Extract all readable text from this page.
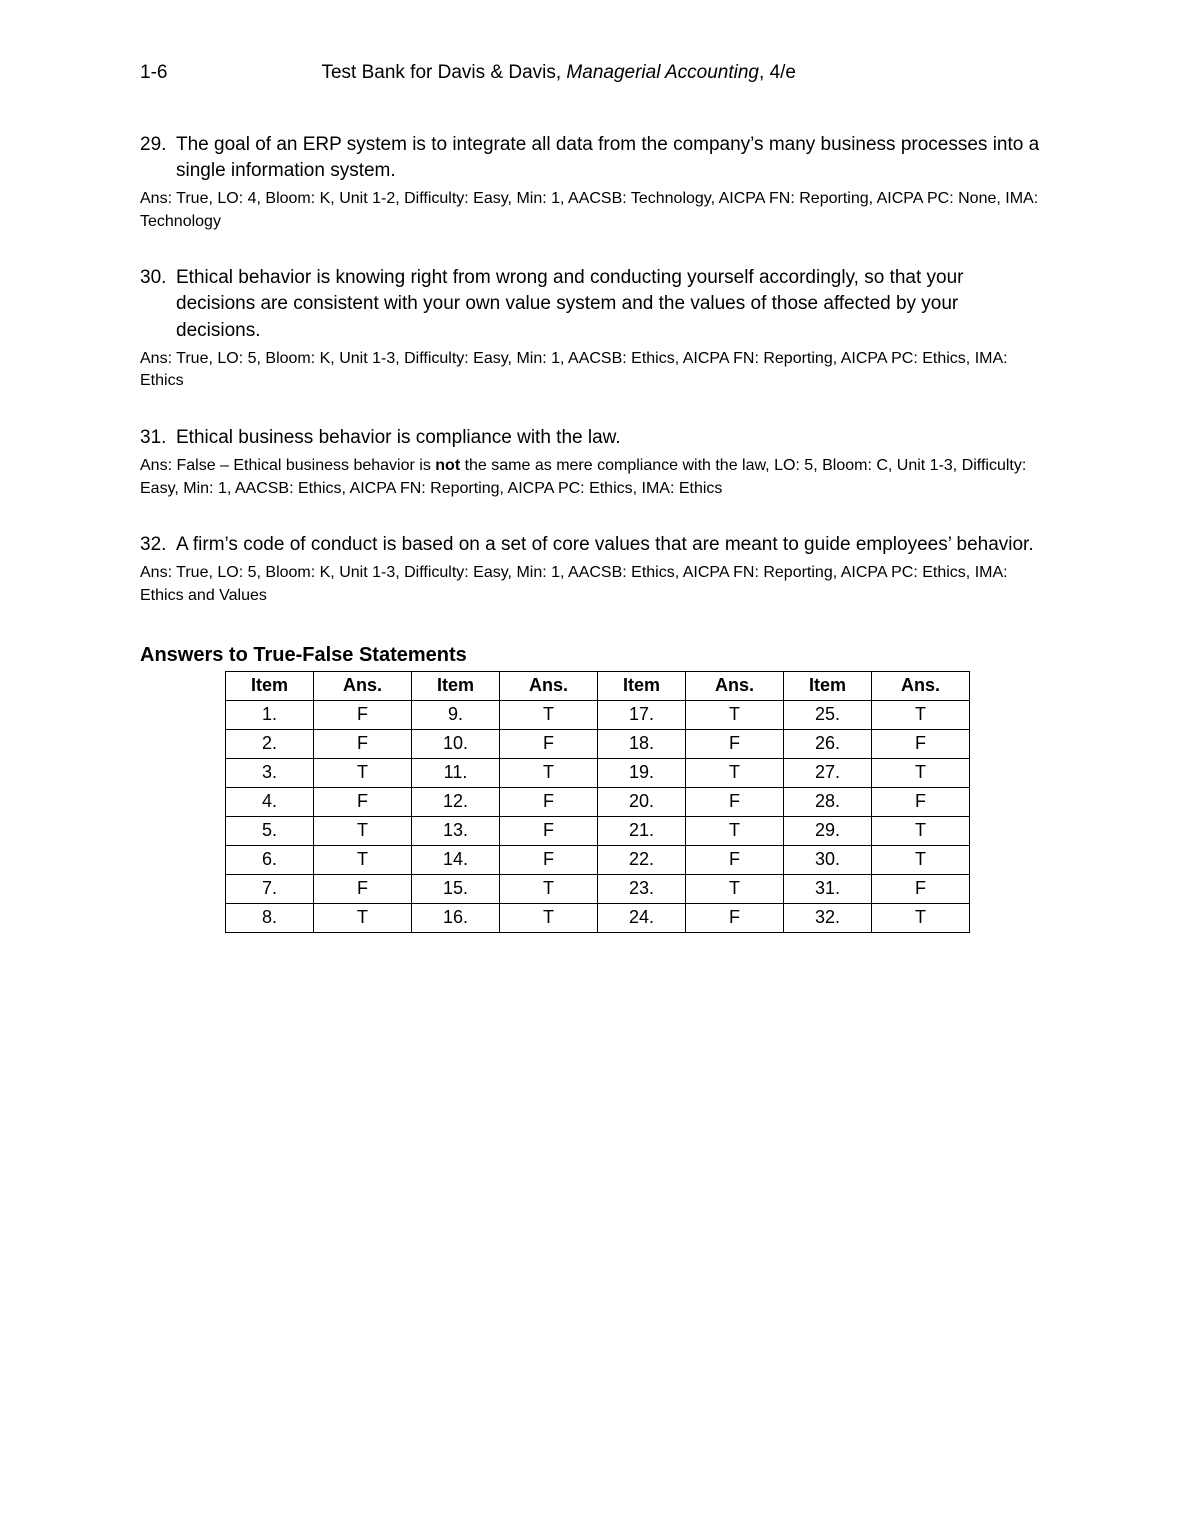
1-6	Test Bank for Davis & Davis, Managerial Accounting, 4/e
29. The goal of an ERP system is to integrate all data from the company’s many business processes into a single information system.

Ans: True, LO: 4, Bloom: K, Unit 1-2, Difficulty: Easy, Min: 1, AACSB: Technology, AICPA FN: Reporting, AICPA PC: None, IMA: Technology

30. Ethical behavior is knowing right from wrong and conducting yourself accordingly, so that your decisions are consistent with your own value system and the values of those affected by your decisions.

Ans: True, LO: 5, Bloom: K, Unit 1-3, Difficulty: Easy, Min: 1, AACSB: Ethics, AICPA FN: Reporting, AICPA PC: Ethics, IMA: Ethics

31. Ethical business behavior is compliance with the law.

Ans: False – Ethical business behavior is not the same as mere compliance with the law, LO: 5, Bloom: C, Unit 1-3, Difficulty: Easy, Min: 1, AACSB: Ethics, AICPA FN: Reporting, AICPA PC: Ethics, IMA: Ethics

32. A firm’s code of conduct is based on a set of core values that are meant to guide employees’ behavior.

Ans: True, LO: 5, Bloom: K, Unit 1-3, Difficulty: Easy, Min: 1, AACSB: Ethics, AICPA FN: Reporting, AICPA PC: Ethics, IMA: Ethics and Values

Answers to True-False Statements
Item	Ans.	Item	Ans.	Item	Ans.	Item	Ans.
1.	F	9.	T	17.	T	25.	T
2.	F	10.	F	18.	F	26.	F
3.	T	11.	T	19.	T	27.	T
4.	F	12.	F	20.	F	28.	F
5.	T	13.	F	21.	T	29.	T
6.	T	14.	F	22.	F	30.	T
7.	F	15.	T	23.	T	31.	F
8.	T	16.	T	24.	F	32.	T
